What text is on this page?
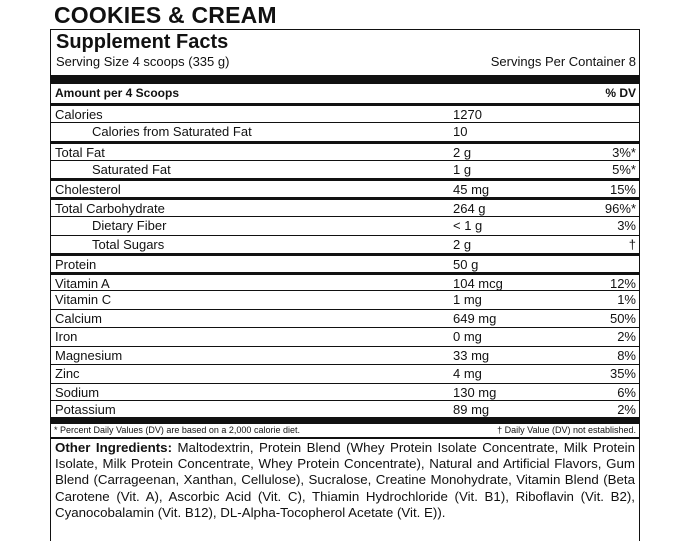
COOKIES & CREAM
Supplement Facts
Serving Size 4 scoops (335 g)	Servings Per Container 8
Amount per 4 Scoops	% DV
Calories	1270
Calories from Saturated Fat	10
Total Fat	2 g	3%*
Saturated Fat	1 g	5%*
Cholesterol	45 mg	15%
Total Carbohydrate	264 g	96%*
Dietary Fiber	< 1 g	3%
Total Sugars	2 g	†
Protein	50 g
Vitamin A	104 mcg	12%
Vitamin C	1 mg	1%
Calcium	649 mg	50%
Iron	0 mg	2%
Magnesium	33 mg	8%
Zinc	4 mg	35%
Sodium	130 mg	6%
Potassium	89 mg	2%
* Percent Daily Values (DV) are based on a 2,000 calorie diet.	† Daily Value (DV) not established.
Other Ingredients: Maltodextrin, Protein Blend (Whey Protein Isolate Concentrate, Milk Protein Isolate, Milk Protein Concentrate, Whey Protein Concentrate), Natural and Artificial Flavors, Gum Blend (Carrageenan, Xanthan, Cellulose), Sucralose, Creatine Monohydrate, Vitamin Blend (Beta Carotene (Vit. A), Ascorbic Acid (Vit. C), Thiamin Hydrochloride (Vit. B1), Riboflavin (Vit. B2), Cyanocobalamin (Vit. B12), DL-Alpha-Tocopherol Acetate (Vit. E)).
